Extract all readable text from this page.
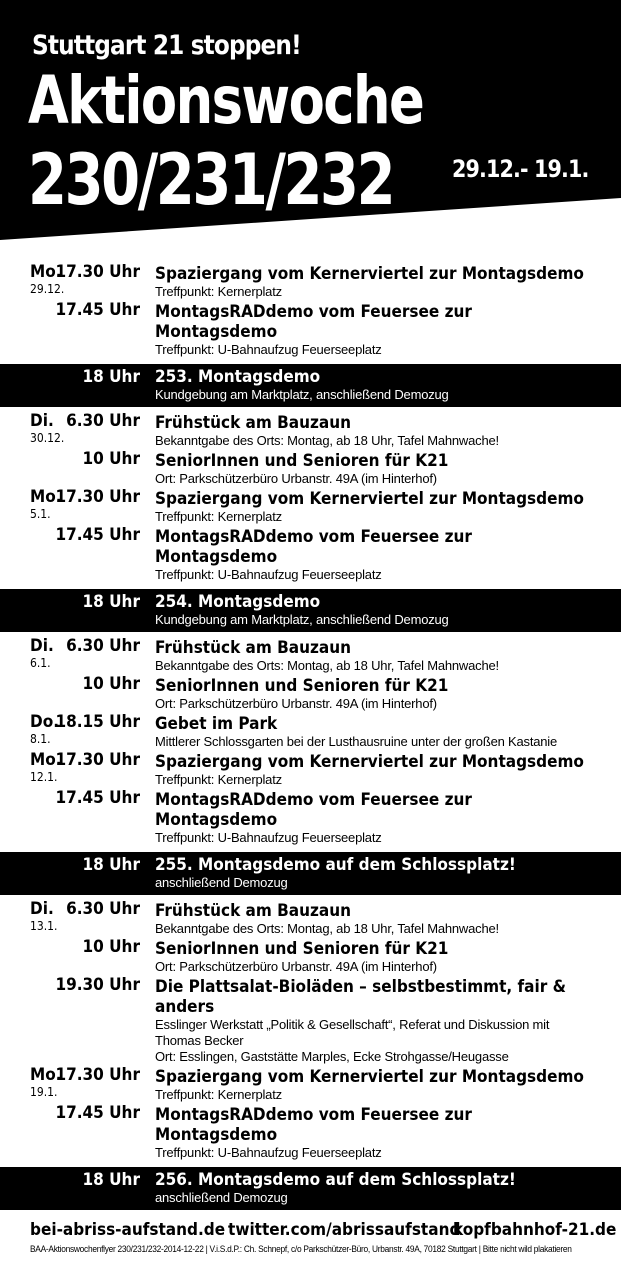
Stuttgart 21 stoppen!
Aktionswoche
230/231/232 29.12.- 19.1.
Mo.
17.30 Uhr
29.12.
Spaziergang vom Kernerviertel zur Montagsdemo
Treffpunkt: Kernerplatz
17.45 Uhr MontagsRADdemo vom Feuersee zur Montagsdemo
Treffpunkt: U-Bahnaufzug Feuerseeplatz
18 Uhr 253. Montagsdemo
Kundgebung am Marktplatz, anschließend Demozug
Di. 6.30 Uhr
30.12.
Frühstück am Bauzaun
Bekanntgabe des Orts: Montag, ab 18 Uhr, Tafel Mahnwache!
10 Uhr SeniorInnen und Senioren für K21
Ort: Parkschützerbüro Urbanstr. 49A (im Hinterhof)
Mo.
17.30 Uhr
5.1.
Spaziergang vom Kernerviertel zur Montagsdemo
Treffpunkt: Kernerplatz
17.45 Uhr MontagsRADdemo vom Feuersee zur Montagsdemo
Treffpunkt: U-Bahnaufzug Feuerseeplatz
18 Uhr 254. Montagsdemo
Kundgebung am Marktplatz, anschließend Demozug
Di. 6.30 Uhr
6.1.
Frühstück am Bauzaun
Bekanntgabe des Orts: Montag, ab 18 Uhr, Tafel Mahnwache!
10 Uhr SeniorInnen und Senioren für K21
Ort: Parkschützerbüro Urbanstr. 49A (im Hinterhof)
Do.
18.15 Uhr
8.1.
Gebet im Park
Mittlerer Schlossgarten bei der Lusthausruine unter der großen Kastanie
Mo.
17.30 Uhr
12.1.
Spaziergang vom Kernerviertel zur Montagsdemo
Treffpunkt: Kernerplatz
17.45 Uhr MontagsRADdemo vom Feuersee zur Montagsdemo
Treffpunkt: U-Bahnaufzug Feuerseeplatz
18 Uhr 255. Montagsdemo auf dem Schlossplatz!
anschließend Demozug
Di. 6.30 Uhr
13.1.
Frühstück am Bauzaun
Bekanntgabe des Orts: Montag, ab 18 Uhr, Tafel Mahnwache!
10 Uhr SeniorInnen und Senioren für K21
Ort: Parkschützerbüro Urbanstr. 49A (im Hinterhof)
19.30 Uhr Die Plattsalat-Bioläden – selbstbestimmt, fair & anders
Esslinger Werkstatt „Politik & Gesellschaft“, Referat und Diskussion mit Thomas Becker
Ort: Esslingen, Gaststätte Marples, Ecke Strohgasse/Heugasse
Mo.
17.30 Uhr
19.1.
Spaziergang vom Kernerviertel zur Montagsdemo
Treffpunkt: Kernerplatz
17.45 Uhr MontagsRADdemo vom Feuersee zur Montagsdemo
Treffpunkt: U-Bahnaufzug Feuerseeplatz
18 Uhr 256. Montagsdemo auf dem Schlossplatz!
anschließend Demozug
bei-abriss-aufstand.de twitter.com/abrissaufstand
kopfbahnhof-21.de
BAA-Aktionswochenflyer 230/231/232-2014-12-22 | V.i.S.d.P.: Ch. Schnepf, c/o Parkschützer-Büro, Urbanstr. 49A, 70182 Stuttgart | Bitte nicht wild plakatieren
